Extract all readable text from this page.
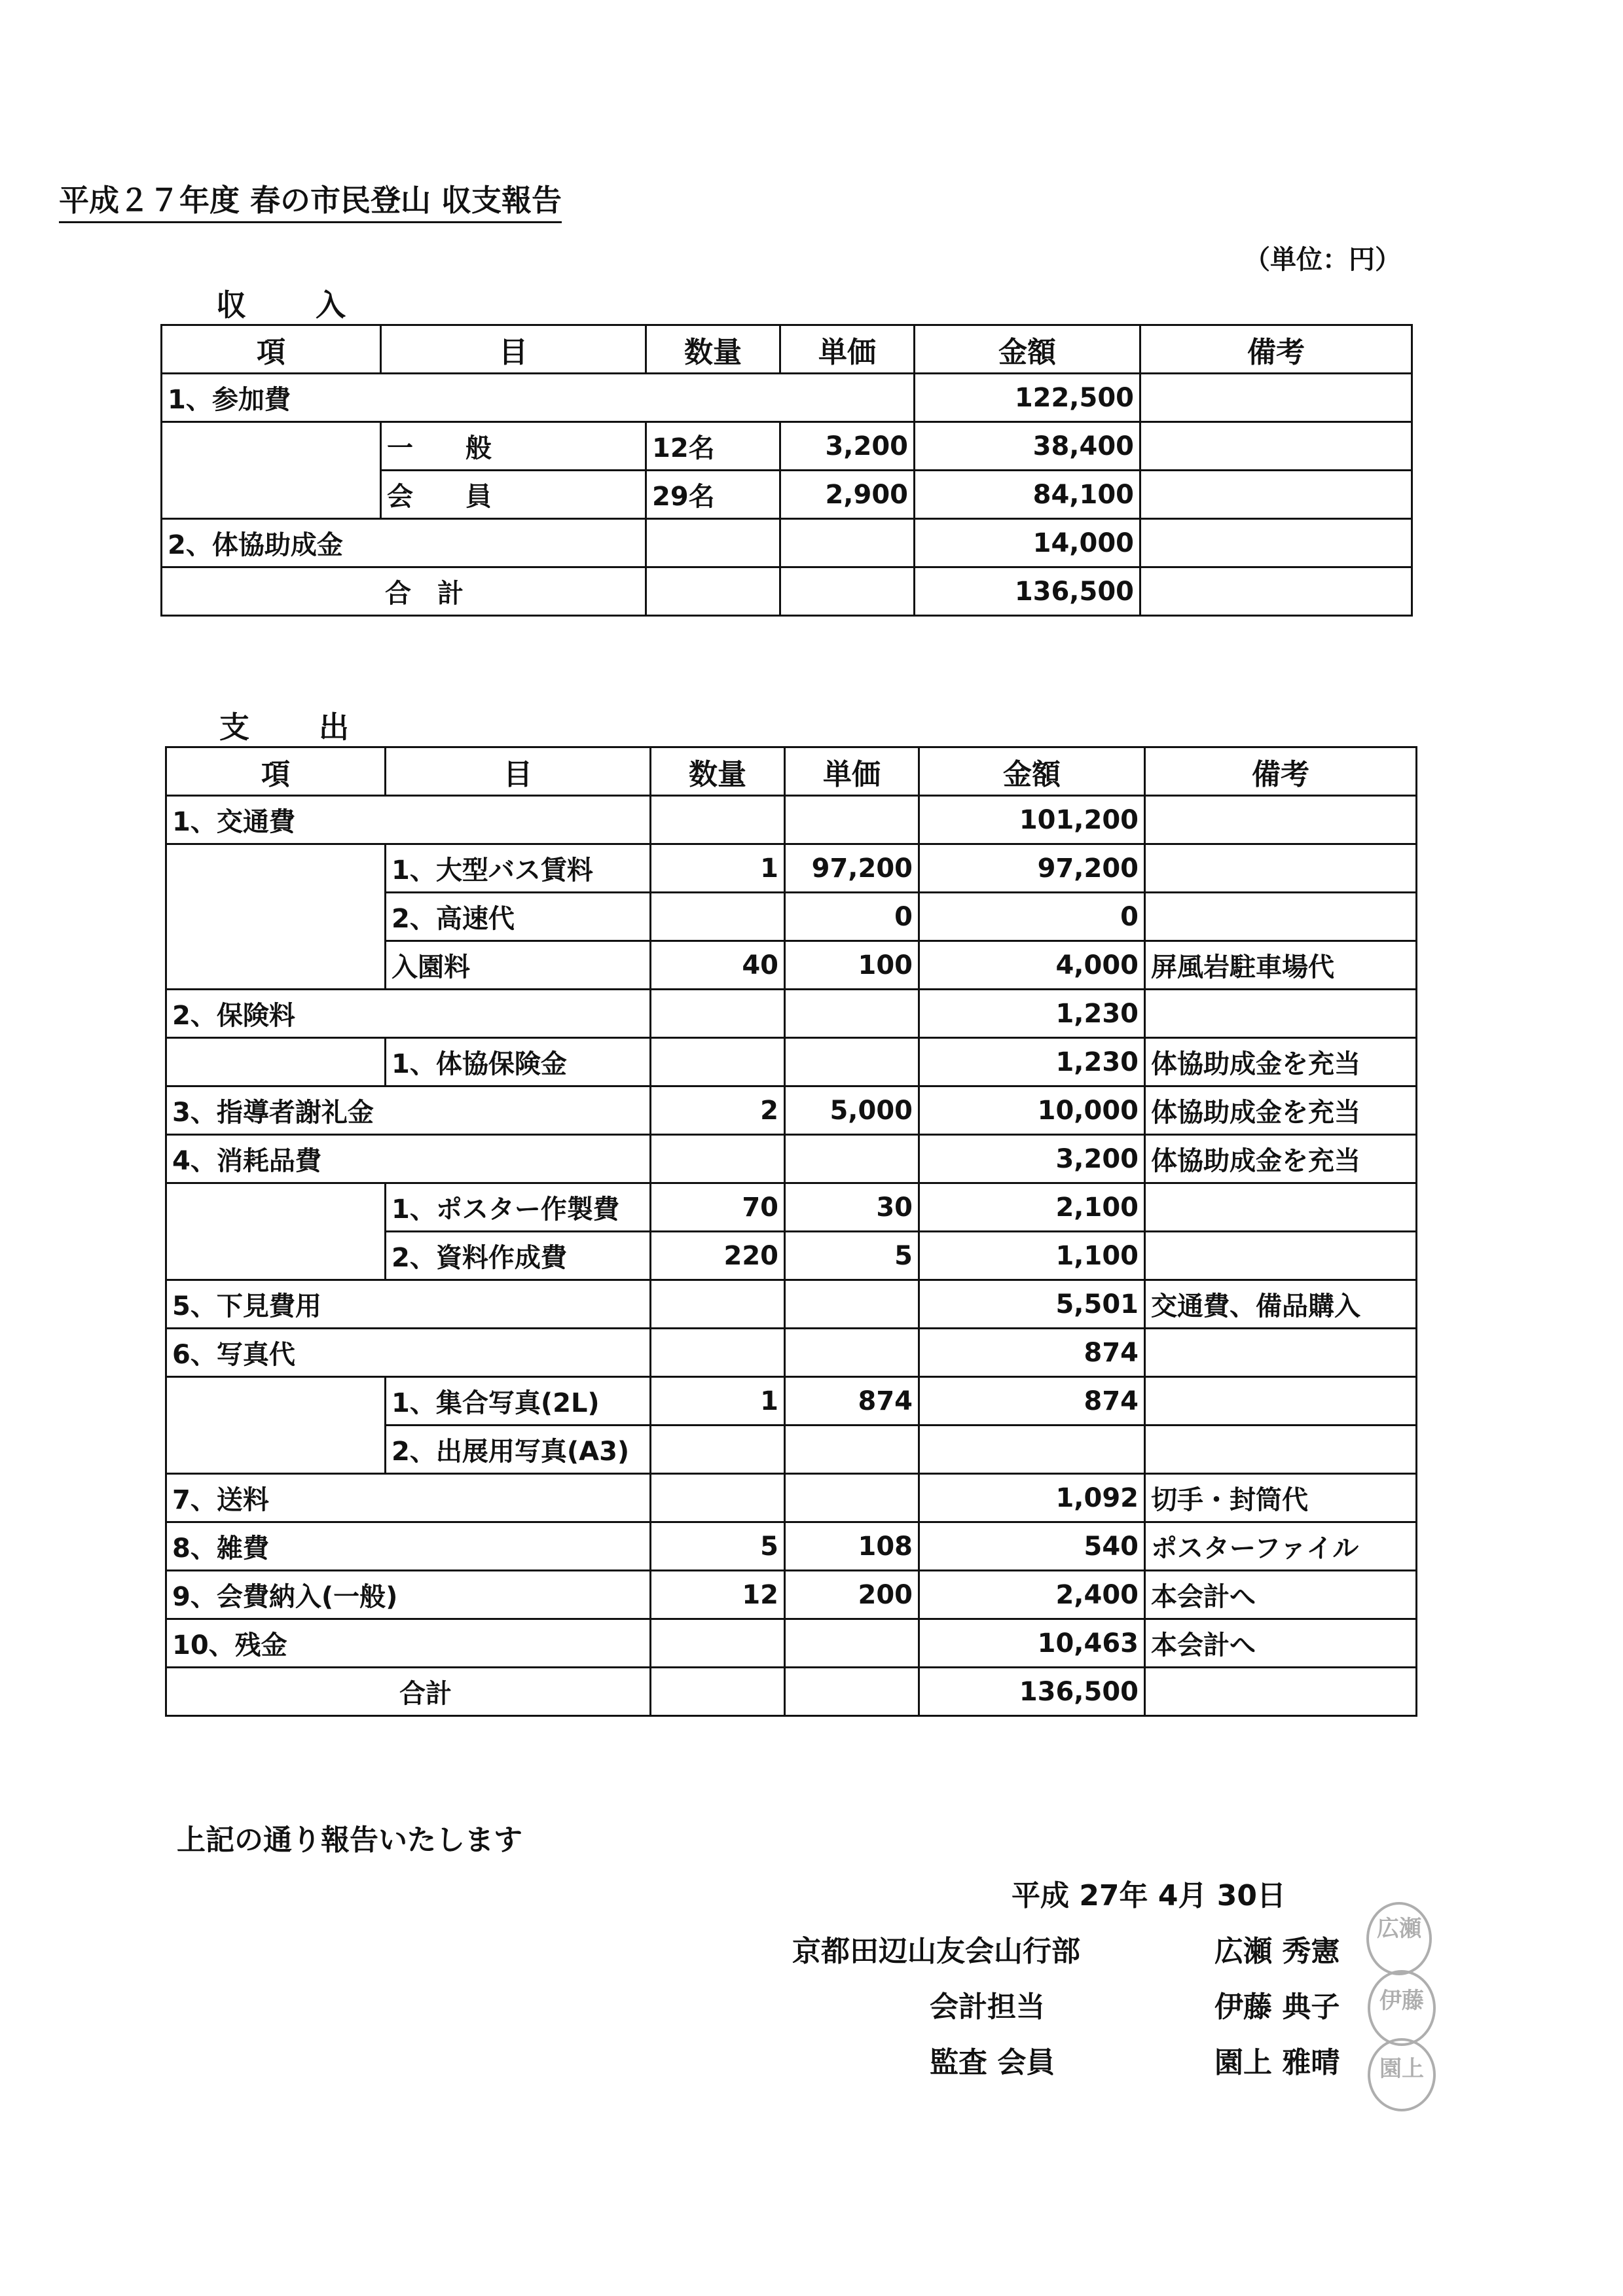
平成２７年度 春の市民登山 収支報告
（単位：円）
収　入
項	目	数量	単価	金額	備考
1、参加費				122,500	
	一　　般	12名	3,200	38,400	
	会　　員	29名	2,900	84,100	
2、体協助成金				14,000	
合　計				136,500	
支　出
項	目	数量	単価	金額	備考
1、交通費				101,200	
	1、大型バス賃料	1	97,200	97,200	
	2、高速代		0	0	
	入園料	40	100	4,000	屏風岩駐車場代
2、保険料				1,230	
	1、体協保険金			1,230	体協助成金を充当
3、指導者謝礼金		2	5,000	10,000	体協助成金を充当
4、消耗品費				3,200	体協助成金を充当
	1、ポスター作製費	70	30	2,100	
	2、資料作成費	220	5	1,100	
5、下見費用				5,501	交通費、備品購入
6、写真代				874	
	1、集合写真(2L)	1	874	874	
	2、出展用写真(A3)				
7、送料				1,092	切手・封筒代
8、雑費		5	108	540	ポスターファイル
9、会費納入(一般)		12	200	2,400	本会計へ
10、残金				10,463	本会計へ
合計				136,500	
上記の通り報告いたします
平成 27年 4月 30日
京都田辺山友会山行部	広瀬 秀憲
会計担当	伊藤 典子
監査 会員	園上 雅晴
広瀬
伊藤
園上
